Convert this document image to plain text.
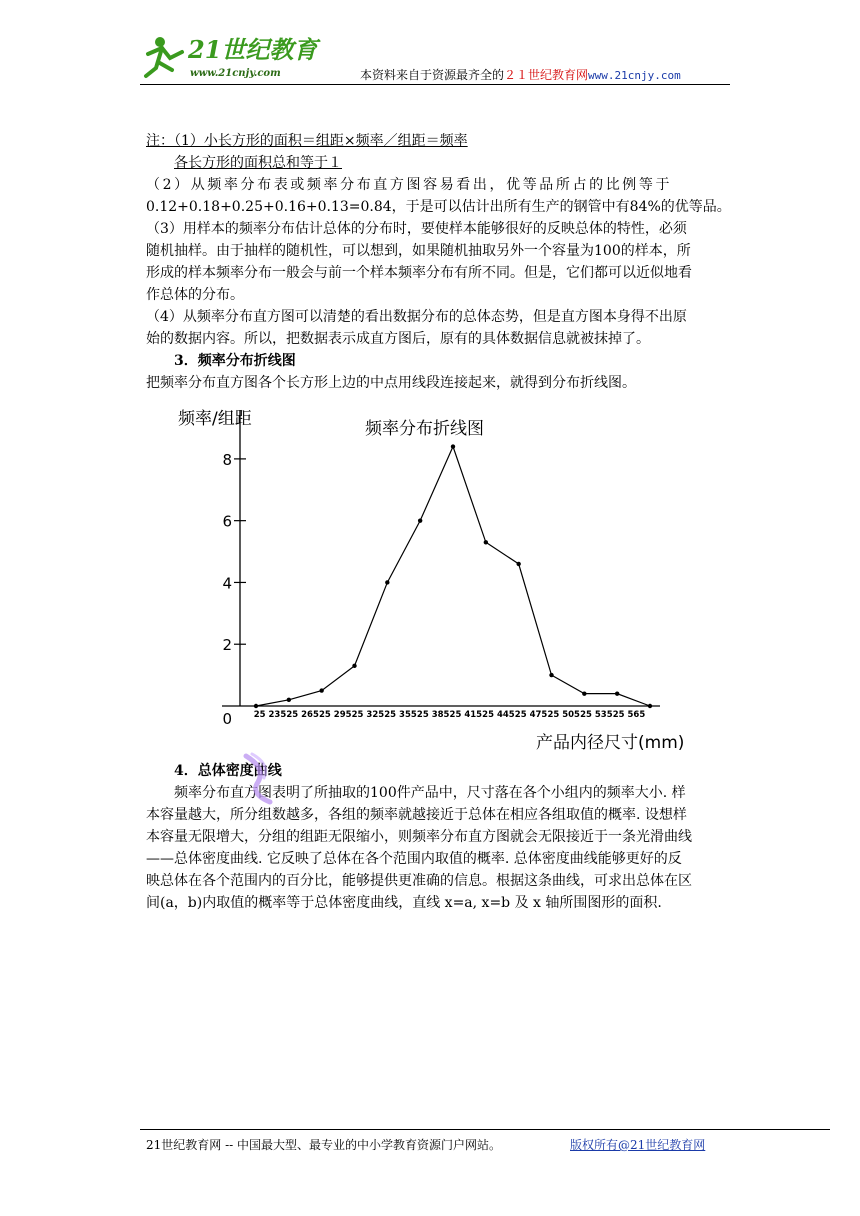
21世纪教育
www.21cnjy.com	本资料来自于资源最齐全的２１世纪教育网www.21cnjy.com

注：（1）小长方形的面积＝组距×频率／组距＝频率

各长方形的面积总和等于１

（2）从频率分布表或频率分布直方图容易看出，优等品所占的比例等于

0.12+0.18+0.25+0.16+0.13=0.84，于是可以估计出所有生产的钢管中有84%的优等品。

（3）用样本的频率分布估计总体的分布时，要使样本能够很好的反映总体的特性，必须

随机抽样。由于抽样的随机性，可以想到，如果随机抽取另外一个容量为100的样本，所

形成的样本频率分布一般会与前一个样本频率分布有所不同。但是，它们都可以近似地看

作总体的分布。

（4）从频率分布直方图可以清楚的看出数据分布的总体态势，但是直方图本身得不出原

始的数据内容。所以，把数据表示成直方图后，原有的具体数据信息就被抹掉了。

3．频率分布折线图

把频率分布直方图各个长方形上边的中点用线段连接起来，就得到分布折线图。

频率/组距	频率分布折线图
产品内径尺寸(mm)
0
2
4
6
8
25 235 25 265 25 295 25 325 25 355 25 385 25 415 25 445 25 475 25 505 25 535 25 565

4．总体密度曲线

频率分布直方图表明了所抽取的100件产品中，尺寸落在各个小组内的频率大小. 样

本容量越大，所分组数越多，各组的频率就越接近于总体在相应各组取值的概率. 设想样

本容量无限增大，分组的组距无限缩小，则频率分布直方图就会无限接近于一条光滑曲线

——总体密度曲线. 它反映了总体在各个范围内取值的概率. 总体密度曲线能够更好的反

映总体在各个范围内的百分比，能够提供更准确的信息。根据这条曲线，可求出总体在区

间(a，b)内取值的概率等于总体密度曲线，直线 x=a, x=b 及 x 轴所围图形的面积.

21世纪教育网 -- 中国最大型、最专业的中小学教育资源门户网站。	版权所有@21世纪教育网
